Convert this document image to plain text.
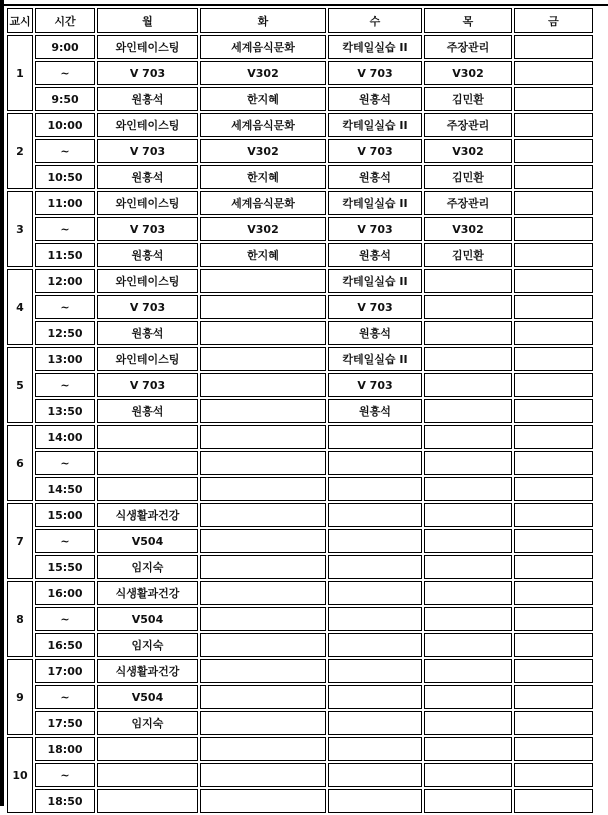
교시	시간	월	화	수	목	금
1	9:00	와인테이스팅	세계음식문화	칵테일실습 II	주장관리	
	~	V 703	V302	V 703	V302	
	9:50	원흥석	한지혜	원흥석	김민환	
2	10:00	와인테이스팅	세계음식문화	칵테일실습 II	주장관리	
	~	V 703	V302	V 703	V302	
	10:50	원흥석	한지혜	원흥석	김민환	
3	11:00	와인테이스팅	세계음식문화	칵테일실습 II	주장관리	
	~	V 703	V302	V 703	V302	
	11:50	원흥석	한지혜	원흥석	김민환	
4	12:00	와인테이스팅		칵테일실습 II		
	~	V 703		V 703		
	12:50	원흥석		원흥석		
5	13:00	와인테이스팅		칵테일실습 II		
	~	V 703		V 703		
	13:50	원흥석		원흥석		
6	14:00					
	~					
	14:50					
7	15:00	식생활과건강				
	~	V504				
	15:50	임지숙				
8	16:00	식생활과건강				
	~	V504				
	16:50	임지숙				
9	17:00	식생활과건강				
	~	V504				
	17:50	임지숙				
10	18:00					
	~					
	18:50					
